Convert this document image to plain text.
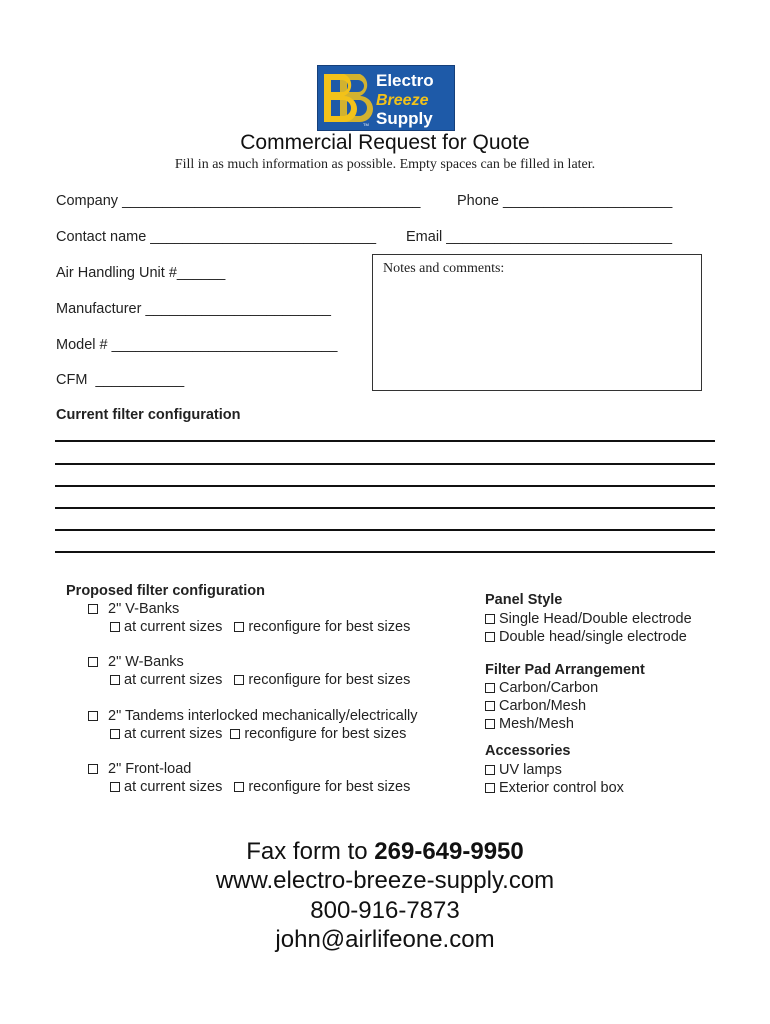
Electro
Breeze
Supply
TM
Commercial Request for Quote
Fill in as much information as possible. Empty spaces can be filled in later.
Company _____________________________________	Phone _____________________
Contact name ____________________________ Email ____________________________
Air Handling Unit #______
Manufacturer _______________________
Model # ____________________________
CFM  ___________
Notes and comments:
Current filter configuration
Proposed filter configuration
2" V-Banks
at current sizes reconfigure for best sizes
2" W-Banks
at current sizes reconfigure for best sizes
2" Tandems interlocked mechanically/electrically
at current sizes reconfigure for best sizes
2" Front-load
at current sizes reconfigure for best sizes
Panel Style
Single Head/Double electrode
Double head/single electrode
Filter Pad Arrangement
Carbon/Carbon
Carbon/Mesh
Mesh/Mesh
Accessories
UV lamps
Exterior control box
Fax form to 269-649-9950
www.electro-breeze-supply.com
800-916-7873
john@airlifeone.com
